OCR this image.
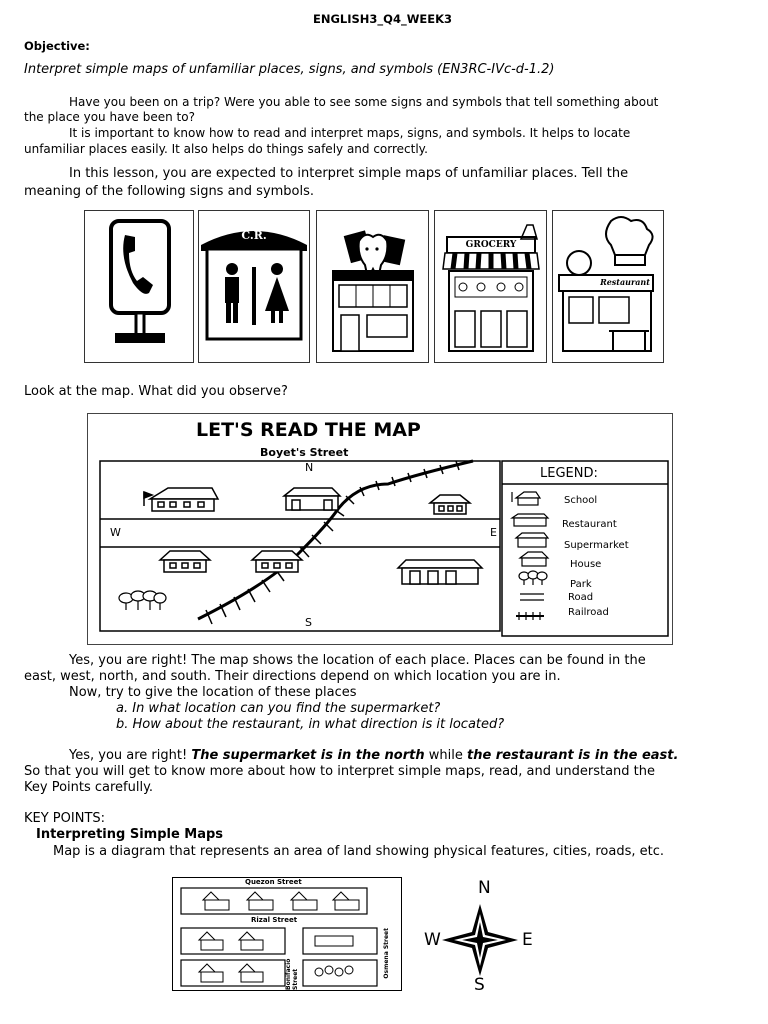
ENGLISH3_Q4_WEEK3
Objective:
Interpret simple maps of unfamiliar places, signs, and symbols (EN3RC-IVc-d-1.2)
Have you been on a trip? Were you able to see some signs and symbols that tell something about
the place you have been to?
It is important to know how to read and interpret maps, signs, and symbols. It helps to locate
unfamiliar places easily. It also helps do things safely and correctly.
In this lesson, you are expected to interpret simple maps of unfamiliar places. Tell the
meaning of the following signs and symbols.
C.R.
GROCERY
Restaurant
Look at the map. What did you observe?
LET'S READ THE MAP
Boyet's Street
N
S
W	E
LEGEND:
School
Restaurant
Supermarket
House
Park
Road
Railroad
Yes, you are right! The map shows the location of each place. Places can be found in the
east, west, north, and south. Their directions depend on which location you are in.
Now, try to give the location of these places
a. In what location can you find the supermarket?
b. How about the restaurant, in what direction is it located?
Yes, you are right! The supermarket is in the north while the restaurant is in the east.
So that you will get to know more about how to interpret simple maps, read, and understand the
Key Points carefully.
KEY POINTS:
Interpreting Simple Maps
Map is a diagram that represents an area of land showing physical features, cities, roads, etc.
Quezon Street
Rizal Street
Bonifacio Street
Osmena Street
N
S
E
W
